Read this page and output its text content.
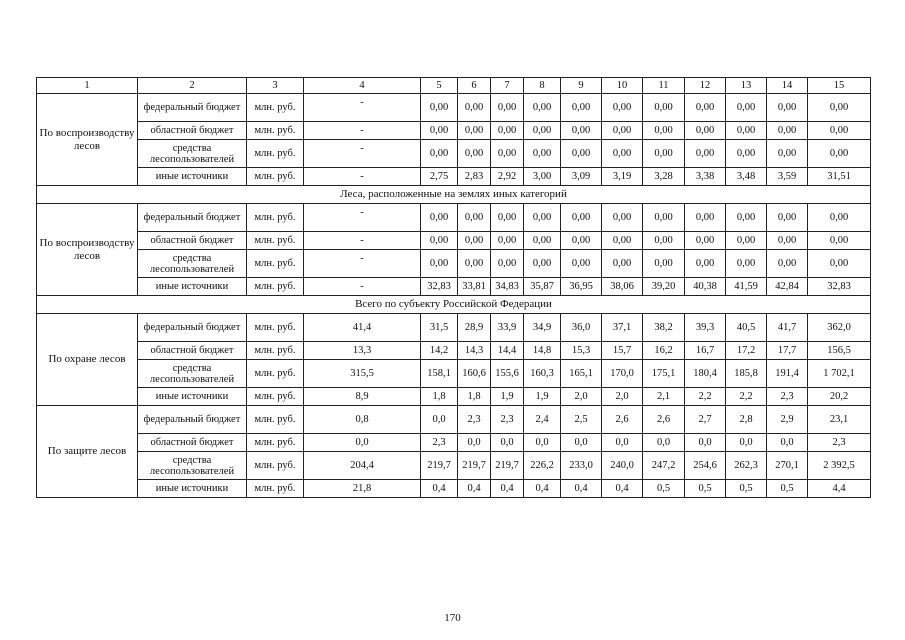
1	2	3	4	5	6	7	8	9	10	11	12	13	14	15
По воспроизводству лесов	федеральный бюджет	млн. руб.	-	0,00	0,00	0,00	0,00	0,00	0,00	0,00	0,00	0,00	0,00	0,00
	областной бюджет	млн. руб.	-	0,00	0,00	0,00	0,00	0,00	0,00	0,00	0,00	0,00	0,00	0,00
	средства лесопользователей	млн. руб.	-	0,00	0,00	0,00	0,00	0,00	0,00	0,00	0,00	0,00	0,00	0,00
	иные источники	млн. руб.	-	2,75	2,83	2,92	3,00	3,09	3,19	3,28	3,38	3,48	3,59	31,51
Леса, расположенные на землях иных категорий														
По воспроизводству лесов	федеральный бюджет	млн. руб.	-	0,00	0,00	0,00	0,00	0,00	0,00	0,00	0,00	0,00	0,00	0,00
	областной бюджет	млн. руб.	-	0,00	0,00	0,00	0,00	0,00	0,00	0,00	0,00	0,00	0,00	0,00
	средства лесопользователей	млн. руб.	-	0,00	0,00	0,00	0,00	0,00	0,00	0,00	0,00	0,00	0,00	0,00
	иные источники	млн. руб.	-	32,83	33,81	34,83	35,87	36,95	38,06	39,20	40,38	41,59	42,84	32,83
Всего по субъекту Российской Федерации														
По охране лесов	федеральный бюджет	млн. руб.	41,4	31,5	28,9	33,9	34,9	36,0	37,1	38,2	39,3	40,5	41,7	362,0
	областной бюджет	млн. руб.	13,3	14,2	14,3	14,4	14,8	15,3	15,7	16,2	16,7	17,2	17,7	156,5
	средства лесопользователей	млн. руб.	315,5	158,1	160,6	155,6	160,3	165,1	170,0	175,1	180,4	185,8	191,4	1 702,1
	иные источники	млн. руб.	8,9	1,8	1,8	1,9	1,9	2,0	2,0	2,1	2,2	2,2	2,3	20,2
По защите лесов	федеральный бюджет	млн. руб.	0,8	0,0	2,3	2,3	2,4	2,5	2,6	2,6	2,7	2,8	2,9	23,1
	областной бюджет	млн. руб.	0,0	2,3	0,0	0,0	0,0	0,0	0,0	0,0	0,0	0,0	0,0	2,3
	средства лесопользователей	млн. руб.	204,4	219,7	219,7	219,7	226,2	233,0	240,0	247,2	254,6	262,3	270,1	2 392,5
	иные источники	млн. руб.	21,8	0,4	0,4	0,4	0,4	0,4	0,4	0,5	0,5	0,5	0,5	4,4
170
